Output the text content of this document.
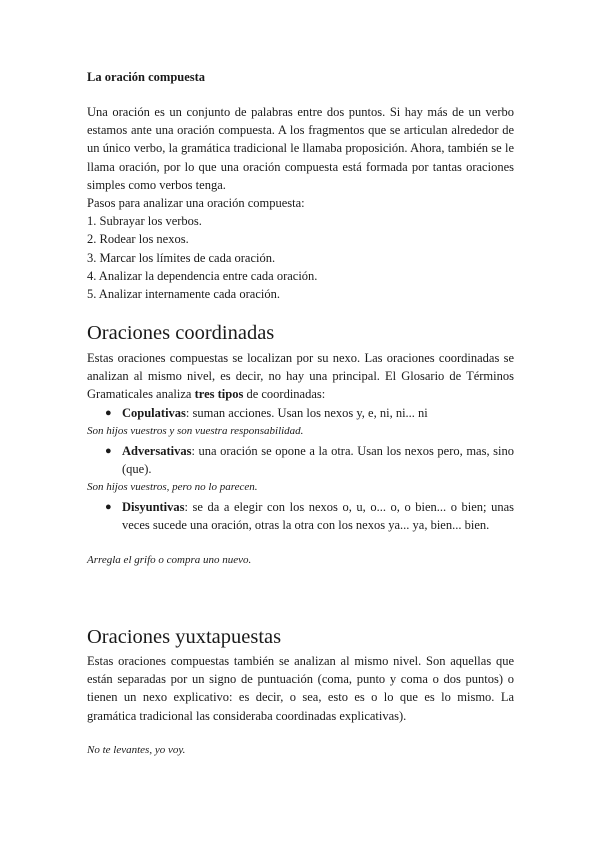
La oración compuesta

Una oración es un conjunto de palabras entre dos puntos. Si hay más de un verbo estamos ante una oración compuesta. A los fragmentos que se articulan alrededor de un único verbo, la gramática tradicional le llamaba proposición. Ahora, también se le llama oración, por lo que una oración compuesta está formada por tantas oraciones simples como verbos tenga.

Pasos para analizar una oración compuesta:
1. Subrayar los verbos.
2. Rodear los nexos.
3. Marcar los límites de cada oración.
4. Analizar la dependencia entre cada oración.
5. Analizar internamente cada oración.
Oraciones coordinadas

Estas oraciones compuestas se localizan por su nexo. Las oraciones coordinadas se analizan al mismo nivel, es decir, no hay una principal. El Glosario de Términos Gramaticales analiza tres tipos de coordinadas:

● Copulativas: suman acciones. Usan los nexos y, e, ni, ni... ni
Son hijos vuestros y son vuestra responsabilidad.
● Adversativas: una oración se opone a la otra. Usan los nexos pero, mas, sino (que).
Son hijos vuestros, pero no lo parecen.
● Disyuntivas: se da a elegir con los nexos o, u, o... o, o bien... o bien; unas veces sucede una oración, otras la otra con los nexos ya... ya, bien... bien.
Arregla el grifo o compra uno nuevo.
Oraciones yuxtapuestas

Estas oraciones compuestas también se analizan al mismo nivel. Son aquellas que están separadas por un signo de puntuación (coma, punto y coma o dos puntos) o tienen un nexo explicativo: es decir, o sea, esto es o lo que es lo mismo. La gramática tradicional las consideraba coordinadas explicativas).

No te levantes, yo voy.
